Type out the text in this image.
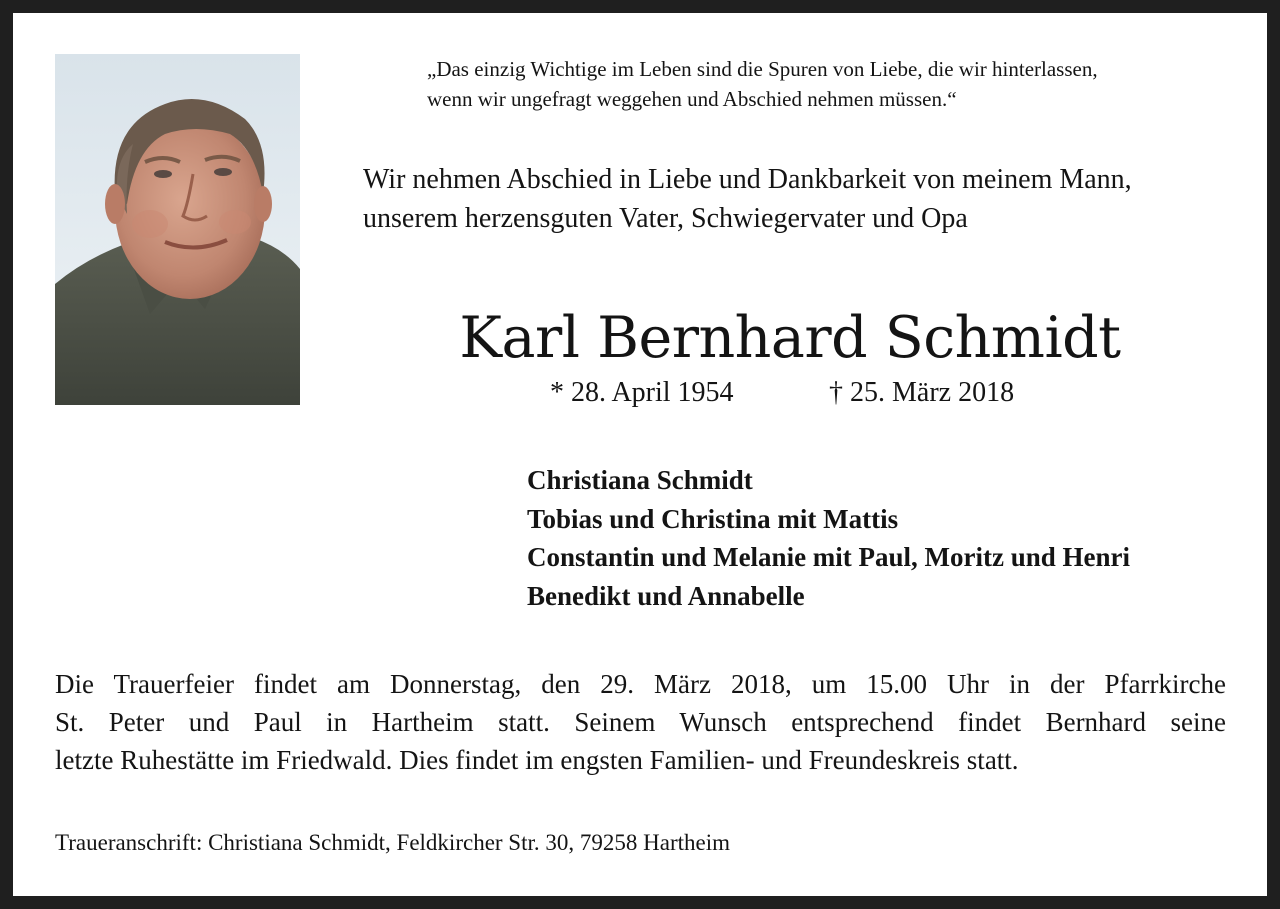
„Das einzig Wichtige im Leben sind die Spuren von Liebe, die wir hinterlassen,
wenn wir ungefragt weggehen und Abschied nehmen müssen.“

Wir nehmen Abschied in Liebe und Dankbarkeit von meinem Mann,
unserem herzensguten Vater, Schwiegervater und Opa

Karl Bernhard Schmidt
* 28. April 1954	† 25. März 2018
Christiana Schmidt
Tobias und Christina mit Mattis
Constantin und Melanie mit Paul, Moritz und Henri
Benedikt und Annabelle

Die Trauerfeier findet am Donnerstag, den 29. März 2018, um 15.00 Uhr in der Pfarrkirche
St. Peter und Paul in Hartheim statt. Seinem Wunsch entsprechend findet Bernhard seine
letzte Ruhestätte im Friedwald. Dies findet im engsten Familien- und Freundeskreis statt.

Traueranschrift: Christiana Schmidt, Feldkircher Str. 30, 79258 Hartheim
